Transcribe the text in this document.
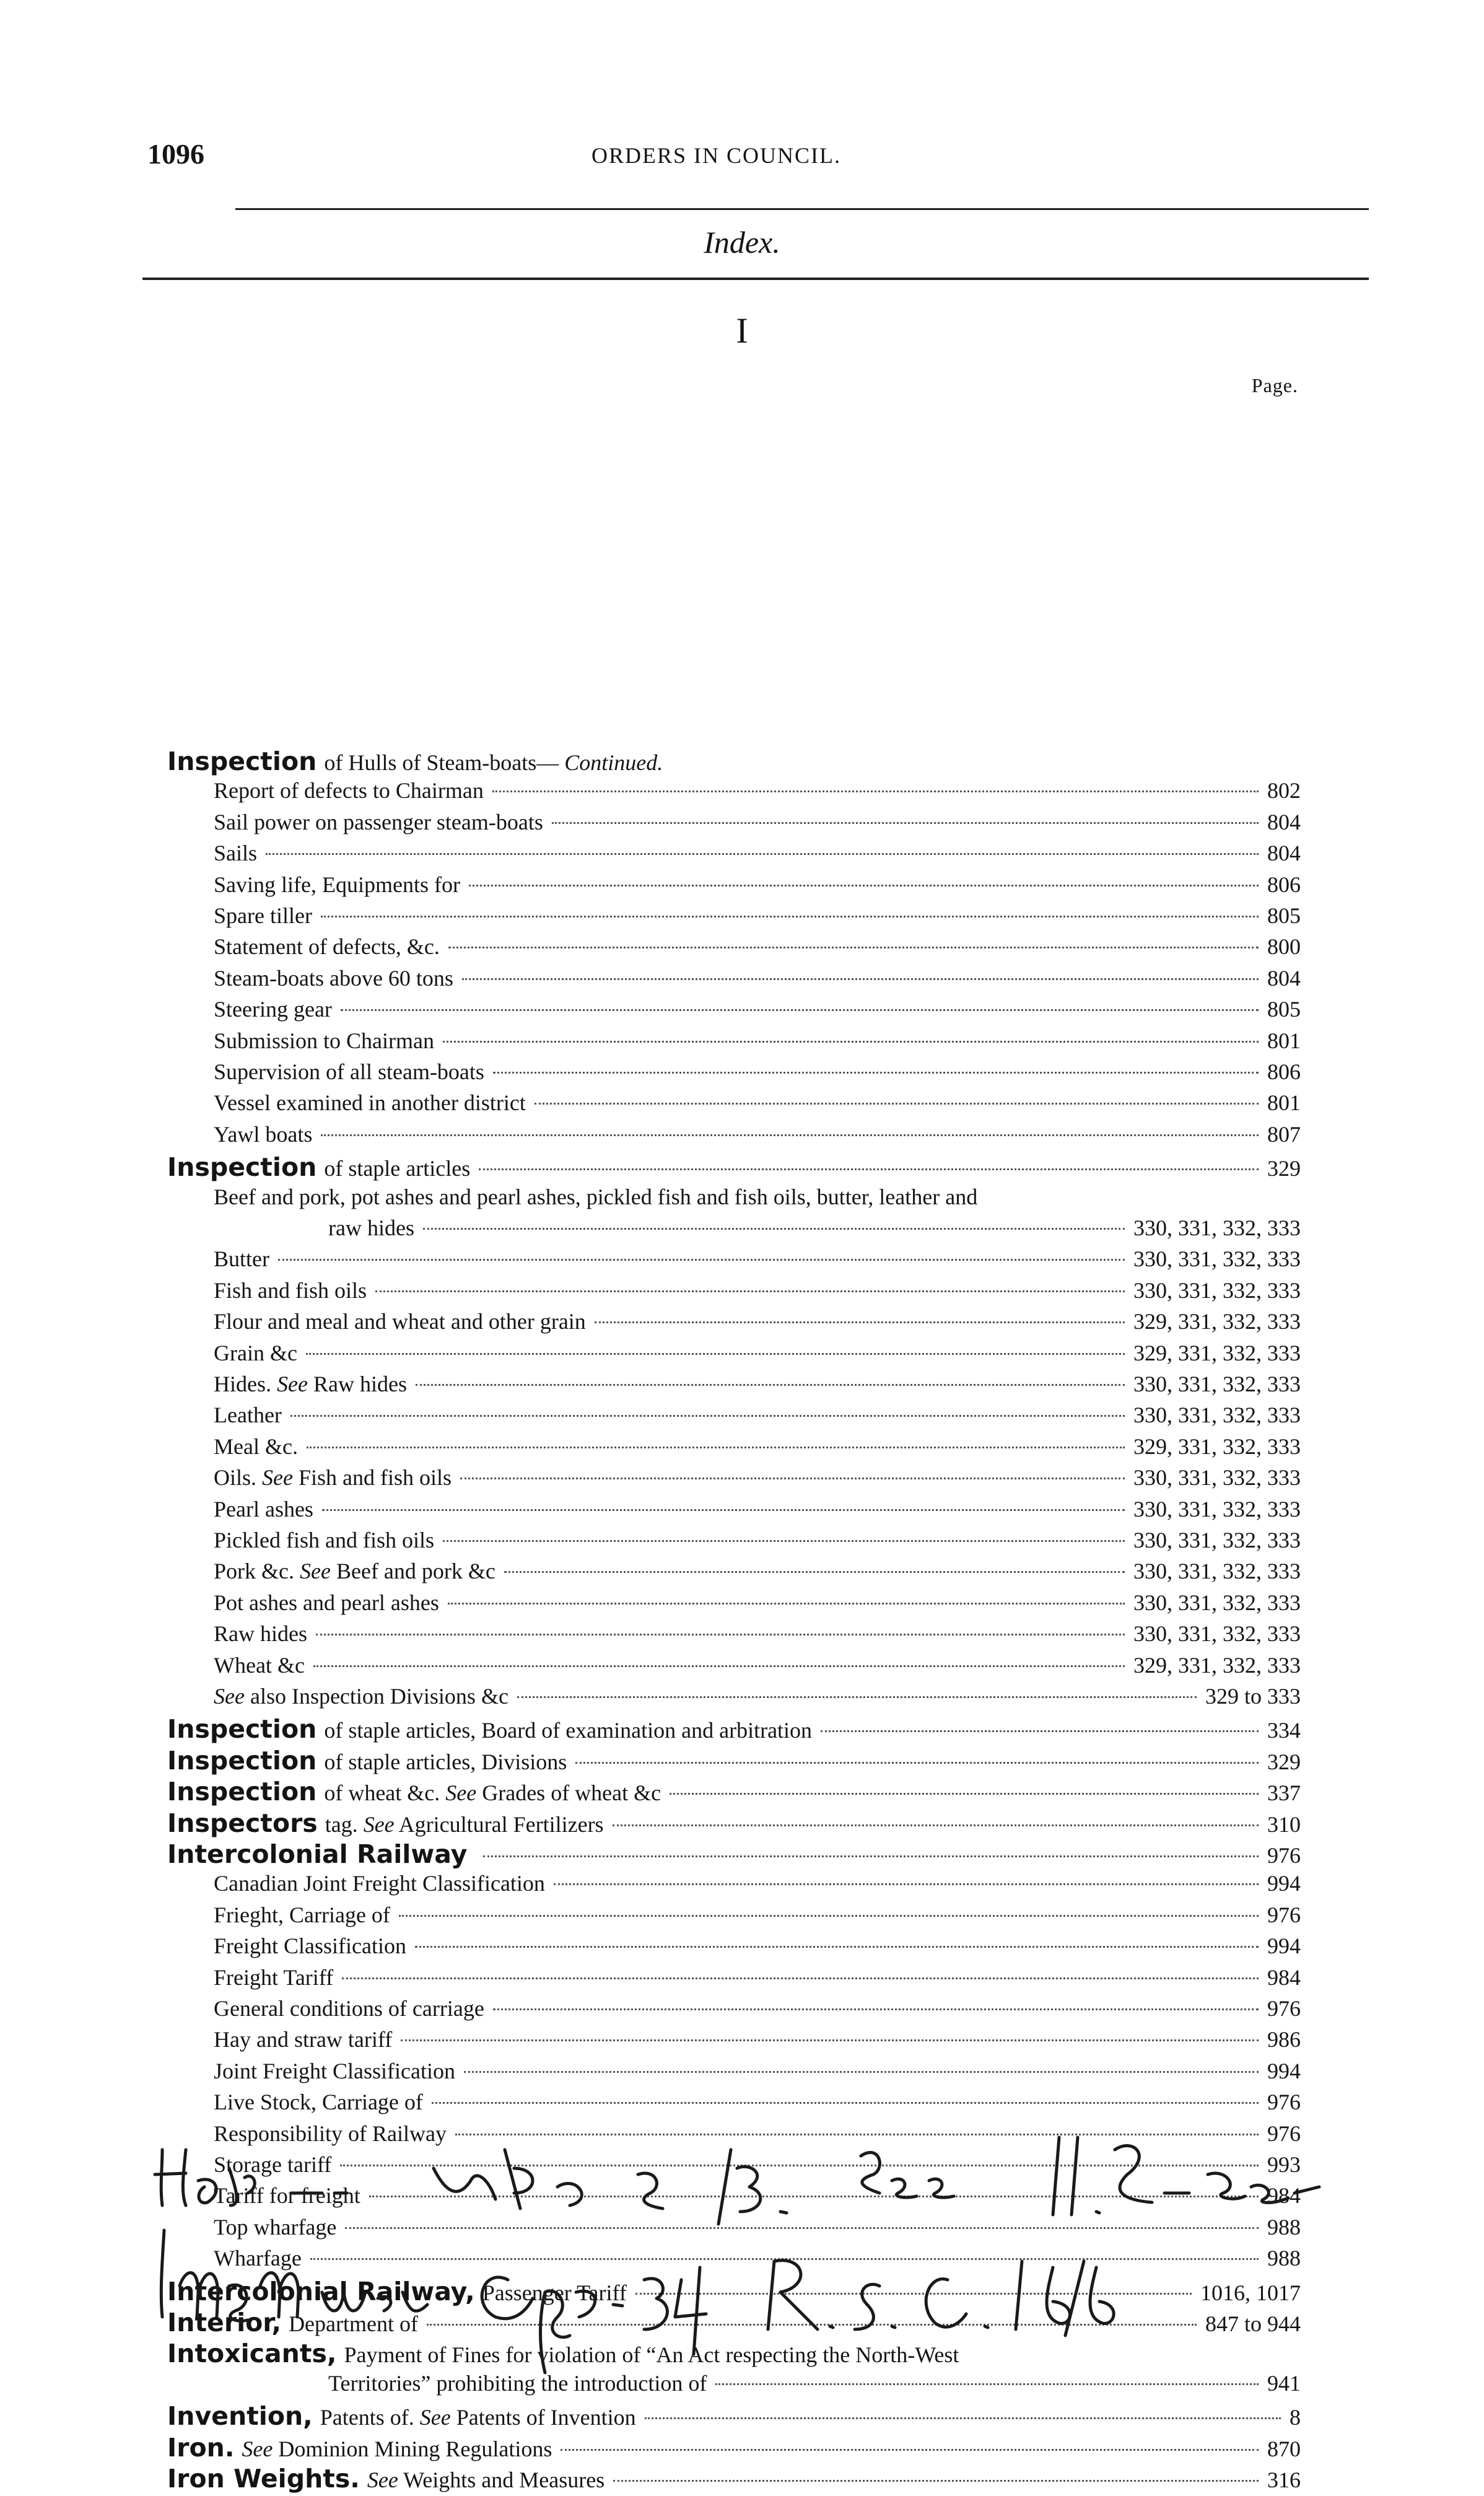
1096	ORDERS IN COUNCIL.
Index.
I
Page.
Inspection of Hulls of Steam-boats— Continued.
Report of defects to Chairman	802
Sail power on passenger steam-boats	804
Sails	804
Saving life, Equipments for	806
Spare tiller	805
Statement of defects, &c.	800
Steam-boats above 60 tons	804
Steering gear	805
Submission to Chairman	801
Supervision of all steam-boats	806
Vessel examined in another district	801
Yawl boats	807
Inspection of staple articles	329
Beef and pork, pot ashes and pearl ashes, pickled fish and fish oils, butter, leather and
raw hides	330, 331, 332, 333
Butter	330, 331, 332, 333
Fish and fish oils	330, 331, 332, 333
Flour and meal and wheat and other grain	329, 331, 332, 333
Grain &c	329, 331, 332, 333
Hides. See Raw hides	330, 331, 332, 333
Leather	330, 331, 332, 333
Meal &c.	329, 331, 332, 333
Oils. See Fish and fish oils	330, 331, 332, 333
Pearl ashes	330, 331, 332, 333
Pickled fish and fish oils	330, 331, 332, 333
Pork &c. See Beef and pork &c	330, 331, 332, 333
Pot ashes and pearl ashes	330, 331, 332, 333
Raw hides	330, 331, 332, 333
Wheat &c	329, 331, 332, 333
See also Inspection Divisions &c	329 to 333
Inspection of staple articles, Board of examination and arbitration	334
Inspection of staple articles, Divisions	329
Inspection of wheat &c. See Grades of wheat &c	337
Inspectors tag. See Agricultural Fertilizers	310
Intercolonial Railway	976
Canadian Joint Freight Classification	994
Frieght, Carriage of	976
Freight Classification	994
Freight Tariff	984
General conditions of carriage	976
Hay and straw tariff	986
Joint Freight Classification	994
Live Stock, Carriage of	976
Responsibility of Railway	976
Storage tariff	993
Tariff for freight	984
Top wharfage	988
Wharfage	988
Intercolonial Railway, Passenger Tariff	1016, 1017
Interior, Department of	847 to 944
Intoxicants, Payment of Fines for violation of “An Act respecting the North-West
Territories” prohibiting the introduction of	941
Invention, Patents of. See Patents of Invention	8
Iron. See Dominion Mining Regulations	870
Iron Weights. See Weights and Measures	316
